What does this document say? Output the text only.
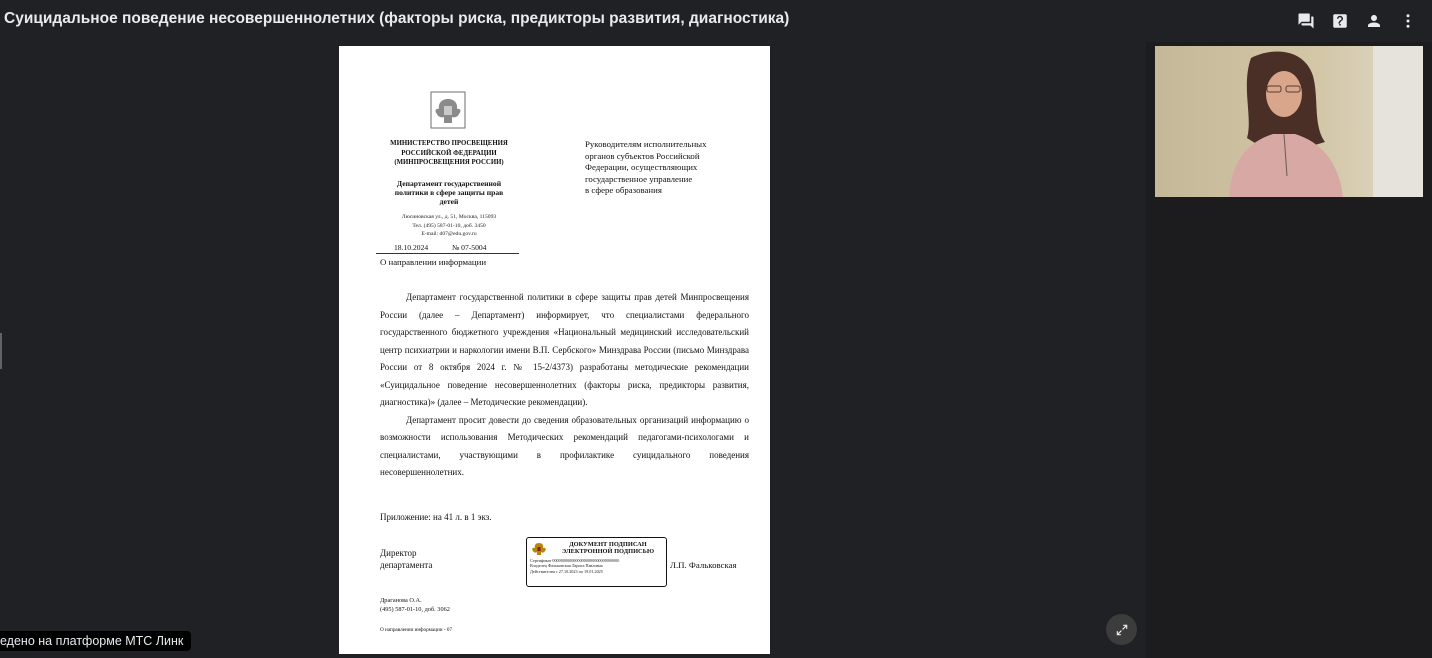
Суицидальное поведение несовершеннолетних (факторы риска, предикторы развития, диагностика)
МИНИСТЕРСТВО ПРОСВЕЩЕНИЯ
РОССИЙСКОЙ ФЕДЕРАЦИИ
(МИНПРОСВЕЩЕНИЯ РОССИИ)
Департамент государственной
политики в сфере защиты прав
детей
Люсиновская ул., д. 51, Москва, 115093
Тел. (495) 587-01-10, доб. 3450
E-mail: d07@edu.gov.ru
18.10.2024	№ 07-5004
О направлении информации
Руководителям исполнительных
органов субъектов Российской
Федерации, осуществляющих
государственное управление
в сфере образования

Департамент государственной политики в сфере защиты прав детей Минпросвещения России (далее – Департамент) информирует, что специалистами федерального государственного бюджетного учреждения «Национальный медицинский исследовательский центр психиатрии и наркологии имени В.П. Сербского» Минздрава России (письмо Минздрава России от 8 октября 2024 г. № 15-2/4373) разработаны методические рекомендации «Суицидальное поведение несовершеннолетних (факторы риска, предикторы развития, диагностика)» (далее – Методические рекомендации).

Департамент просит довести до сведения образовательных организаций информацию о возможности использования Методических рекомендаций педагогами-психологами и специалистами, участвующими в профилактике суицидального поведения несовершеннолетних.

Приложение: на 41 л. в 1 экз.
Директор
департамента
ДОКУМЕНТ ПОДПИСАН
ЭЛЕКТРОННОЙ ПОДПИСЬЮ
Сертификат 00000000000000000000000000000000
Владелец Фальковская Лариса Павловна
Действителен с 27.10.2023 по 19.01.2025
Л.П. Фальковская
Драганова О.А.
(495) 587-01-10, доб. 3062
О направлении информации - 07
едено на платформе МТС Линк
